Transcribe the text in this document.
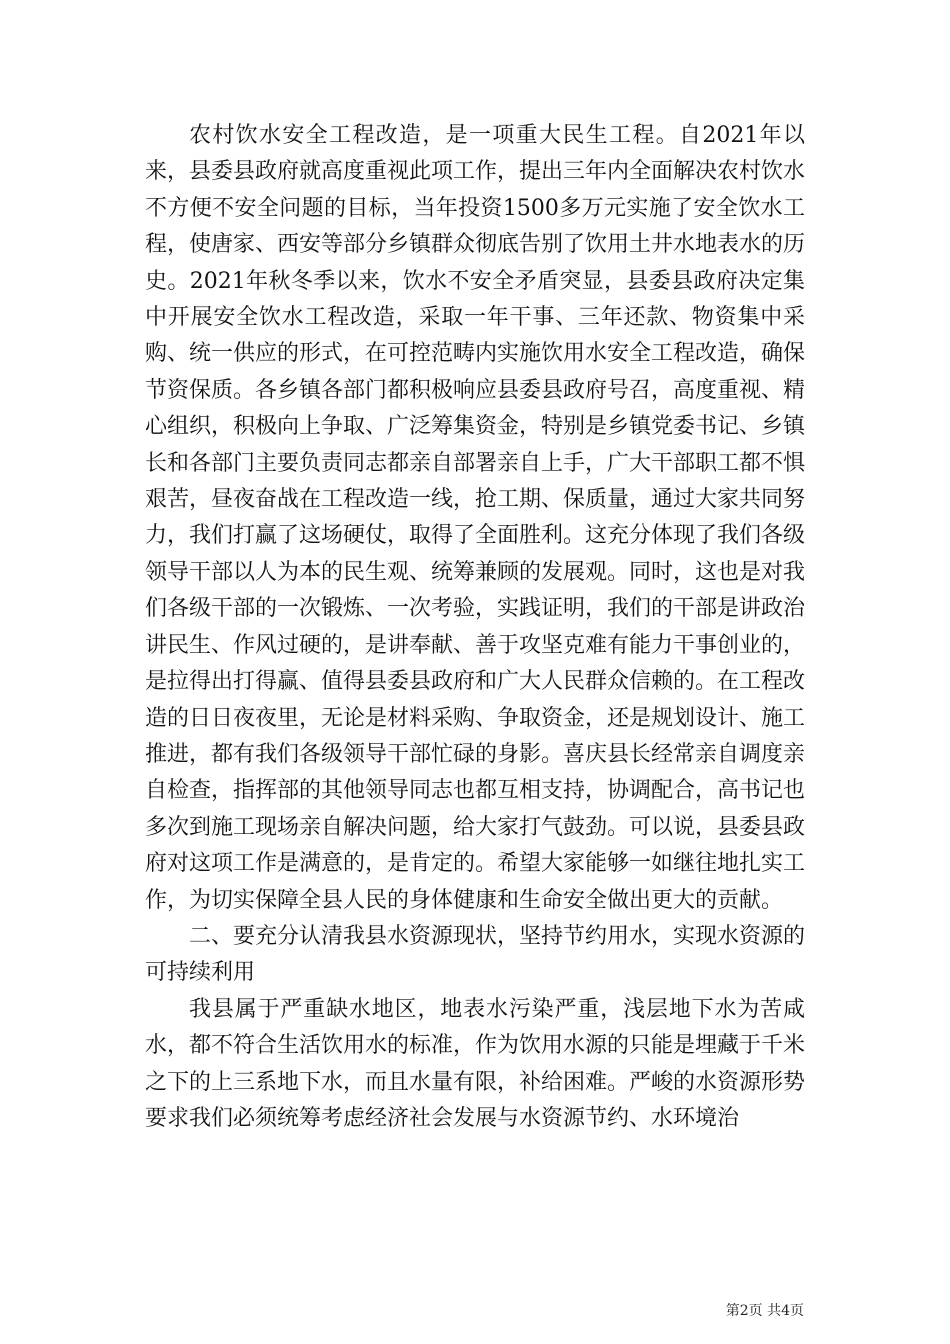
农村饮水安全工程改造，是一项重大民生工程。自2021年以来，县委县政府就高度重视此项工作，提出三年内全面解决农村饮水不方便不安全问题的目标，当年投资1500多万元实施了安全饮水工程，使唐家、西安等部分乡镇群众彻底告别了饮用土井水地表水的历史。2021年秋冬季以来，饮水不安全矛盾突显，县委县政府决定集中开展安全饮水工程改造，采取一年干事、三年还款、物资集中采购、统一供应的形式，在可控范畴内实施饮用水安全工程改造，确保节资保质。各乡镇各部门都积极响应县委县政府号召，高度重视、精心组织，积极向上争取、广泛筹集资金，特别是乡镇党委书记、乡镇长和各部门主要负责同志都亲自部署亲自上手，广大干部职工都不惧艰苦，昼夜奋战在工程改造一线，抢工期、保质量，通过大家共同努力，我们打赢了这场硬仗，取得了全面胜利。这充分体现了我们各级领导干部以人为本的民生观、统筹兼顾的发展观。同时，这也是对我们各级干部的一次锻炼、一次考验，实践证明，我们的干部是讲政治讲民生、作风过硬的，是讲奉献、善于攻坚克难有能力干事创业的，是拉得出打得赢、值得县委县政府和广大人民群众信赖的。在工程改造的日日夜夜里，无论是材料采购、争取资金，还是规划设计、施工推进，都有我们各级领导干部忙碌的身影。喜庆县长经常亲自调度亲自检查，指挥部的其他领导同志也都互相支持，协调配合，高书记也多次到施工现场亲自解决问题，给大家打气鼓劲。可以说，县委县政府对这项工作是满意的，是肯定的。希望大家能够一如继往地扎实工作，为切实保障全县人民的身体健康和生命安全做出更大的贡献。

二、要充分认清我县水资源现状，坚持节约用水，实现水资源的可持续利用

我县属于严重缺水地区，地表水污染严重，浅层地下水为苦咸水，都不符合生活饮用水的标准，作为饮用水源的只能是埋藏于千米之下的上三系地下水，而且水量有限，补给困难。严峻的水资源形势要求我们必须统筹考虑经济社会发展与水资源节约、水环境治

第2页 共4页
